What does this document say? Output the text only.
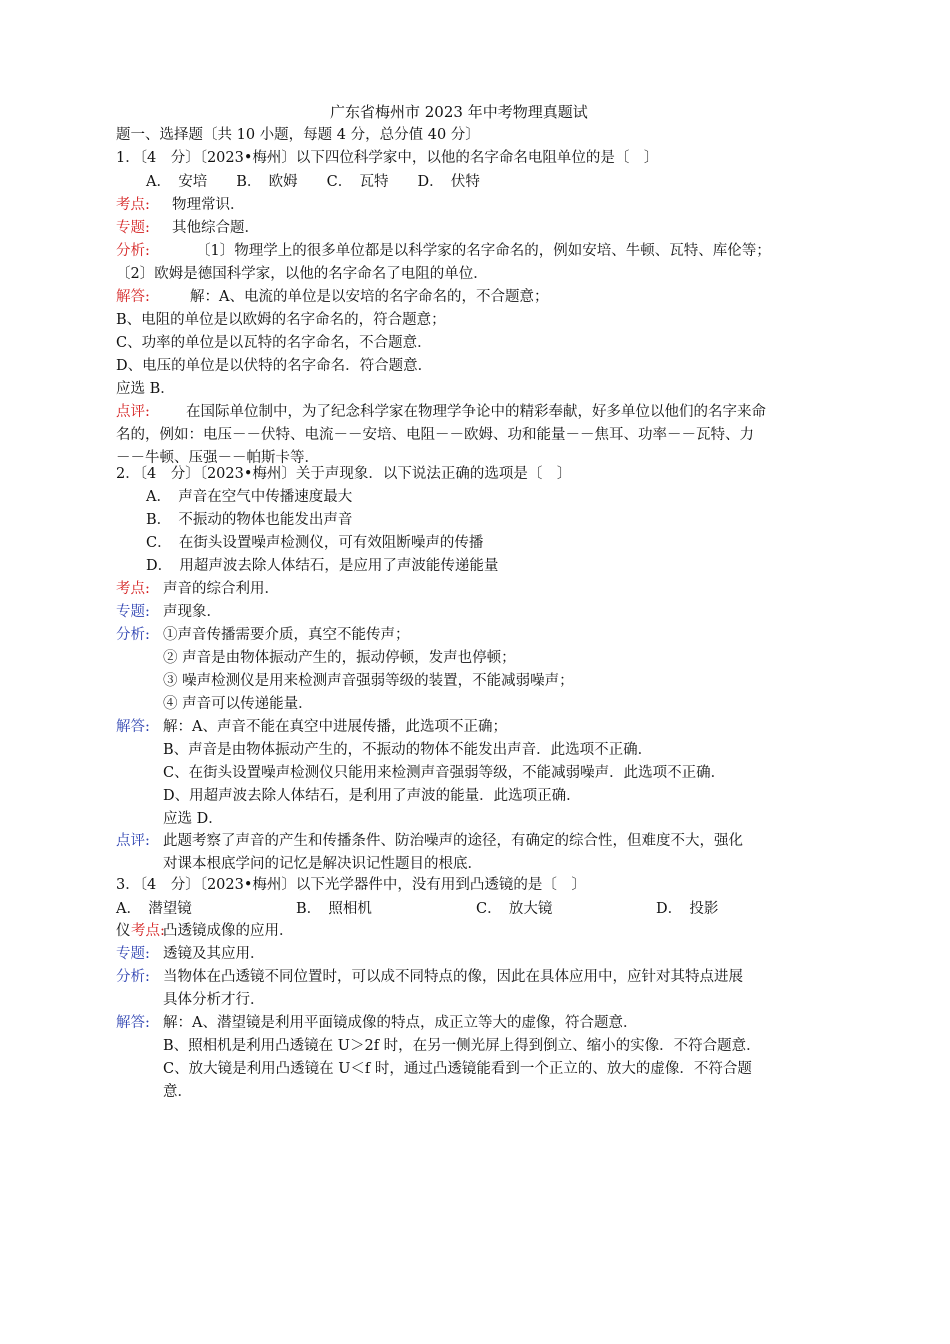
广东省梅州市 2023 年中考物理真题试
题一、选择题〔共 10 小题，每题 4 分，总分值 40 分〕
1．〔4　分〕〔2023•梅州〕以下四位科学家中，以他的名字命名电阻单位的是〔　〕
A．　安培　　B．　欧姆　　C．　瓦特　　D．　伏特
考点: 物理常识．
专题: 其他综合题．
分析:	〔1〕物理学上的很多单位都是以科学家的名字命名的，例如安培、牛顿、瓦特、库伦等；
〔2〕欧姆是德国科学家，以他的名字命名了电阻的单位．
解答:	解：A、电流的单位是以安培的名字命名的，不合题意；
B、电阻的单位是以欧姆的名字命名的，符合题意；
C、功率的单位是以瓦特的名字命名，不合题意．
D、电压的单位是以伏特的名字命名．符合题意．
应选 B．
点评: 在国际单位制中，为了纪念科学家在物理学争论中的精彩奉献，好多单位以他们的名字来命
名的，例如：电压－－伏特、电流－－安培、电阻－－欧姆、功和能量－－焦耳、功率－－瓦特、力
－－牛顿、压强－－帕斯卡等．
2．〔4　分〕〔2023•梅州〕关于声现象．以下说法正确的选项是〔　〕
A．　声音在空气中传播速度最大
B．　不振动的物体也能发出声音
C．　在街头设置噪声检测仪，可有效阻断噪声的传播
D．　用超声波去除人体结石，是应用了声波能传递能量
考点: 声音的综合利用．
专题: 声现象．
分析: ①声音传播需要介质，真空不能传声；
② 声音是由物体振动产生的，振动停顿，发声也停顿；
③ 噪声检测仪是用来检测声音强弱等级的装置，不能减弱噪声；
④ 声音可以传递能量．
解答: 解：A、声音不能在真空中进展传播，此选项不正确；
B、声音是由物体振动产生的，不振动的物体不能发出声音．此选项不正确．
C、在街头设置噪声检测仪只能用来检测声音强弱等级，不能减弱噪声．此选项不正确．
D、用超声波去除人体结石，是利用了声波的能量．此选项正确．
应选 D．
点评: 此题考察了声音的产生和传播条件、防治噪声的途径，有确定的综合性，但难度不大，强化
对课本根底学问的记忆是解决识记性题目的根底．
3．〔4　分〕〔2023•梅州〕以下光学器件中，没有用到凸透镜的是〔　〕
A．　潜望镜	B．　照相机	C．　放大镜	D．　投影
仪 考点:
凸透镜成像的应用．
专题: 透镜及其应用．
分析: 当物体在凸透镜不同位置时，可以成不同特点的像，因此在具体应用中，应针对其特点进展
具体分析才行．
解答: 解：A、潜望镜是利用平面镜成像的特点，成正立等大的虚像，符合题意．
B、照相机是利用凸透镜在 U＞2f 时，在另一侧光屏上得到倒立、缩小的实像．不符合题意．
C、放大镜是利用凸透镜在 U＜f 时，通过凸透镜能看到一个正立的、放大的虚像．不符合题
意．
